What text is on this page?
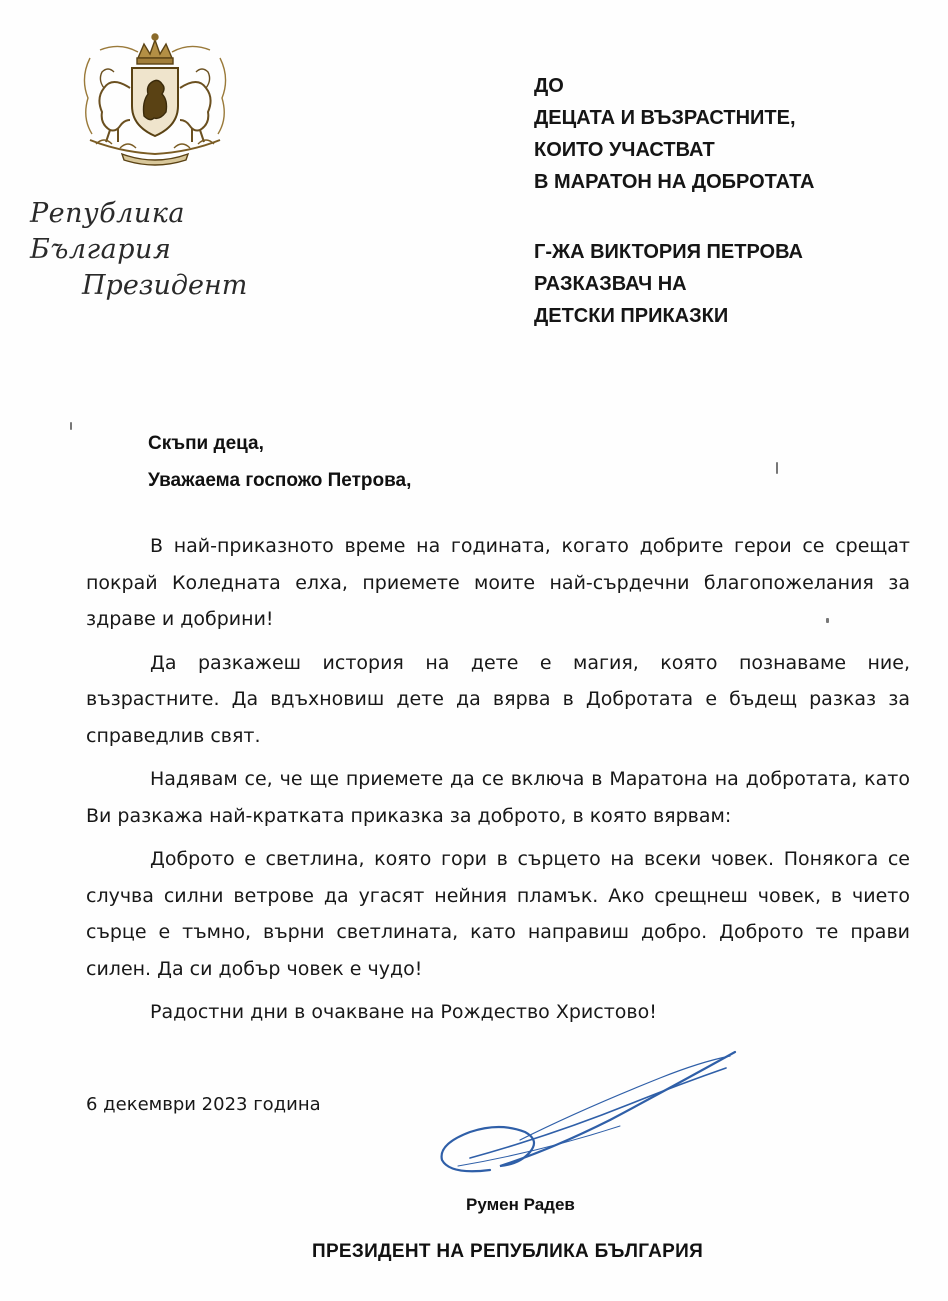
Република България
Президент
ДО
ДЕЦАТА И ВЪЗРАСТНИТЕ,
КОИТО УЧАСТВАТ
В МАРАТОН НА ДОБРОТАТА
Г-ЖА ВИКТОРИЯ ПЕТРОВА
РАЗКАЗВАЧ НА
ДЕТСКИ ПРИКАЗКИ
Скъпи деца,
Уважаема госпожо Петрова,

В най-приказното време на годината, когато добрите герои се срещат покрай Коледната елха, приемете моите най-сърдечни благопожелания за здраве и добрини!

Да разкажеш история на дете е магия, която познаваме ние, възрастните. Да вдъхновиш дете да вярва в Добротата е бъдещ разказ за справедлив свят.

Надявам се, че ще приемете да се включа в Маратона на добротата, като Ви разкажа най-кратката приказка за доброто, в която вярвам:

Доброто е светлина, която гори в сърцето на всеки човек. Понякога се случва силни ветрове да угасят нейния пламък. Ако срещнеш човек, в чието сърце е тъмно, върни светлината, като направиш добро. Доброто те прави силен. Да си добър човек е чудо!

Радостни дни в очакване на Рождество Христово!

6 декември 2023 година
Румен Радев
ПРЕЗИДЕНТ НА РЕПУБЛИКА БЪЛГАРИЯ
